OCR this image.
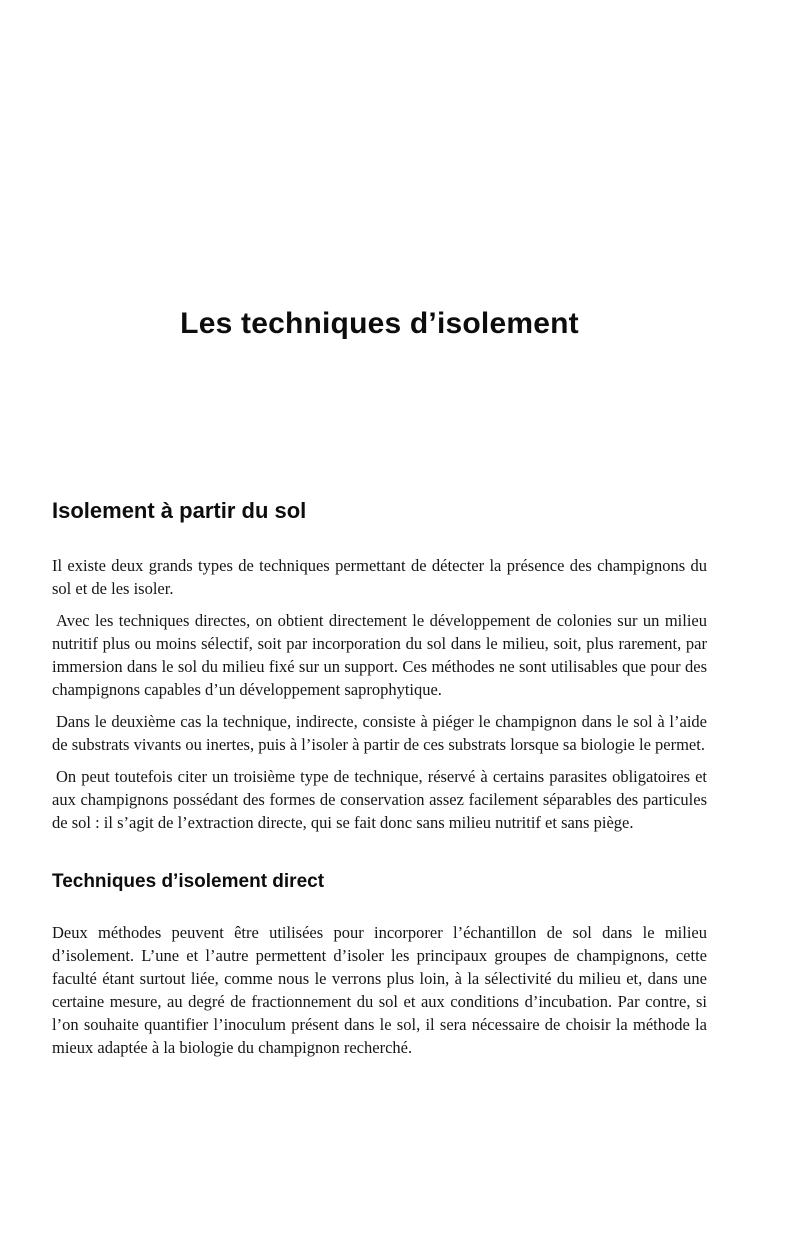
Les techniques d’isolement
Isolement à partir du sol

Il existe deux grands types de techniques permettant de détecter la présence des champignons du sol et de les isoler.

Avec les techniques directes, on obtient directement le développement de colonies sur un milieu nutritif plus ou moins sélectif, soit par incorporation du sol dans le milieu, soit, plus rarement, par immersion dans le sol du milieu fixé sur un support. Ces méthodes ne sont utilisables que pour des champignons capables d’un développement saprophytique.

Dans le deuxième cas la technique, indirecte, consiste à piéger le champignon dans le sol à l’aide de substrats vivants ou inertes, puis à l’isoler à partir de ces substrats lorsque sa biologie le permet.

On peut toutefois citer un troisième type de technique, réservé à certains parasites obligatoires et aux champignons possédant des formes de conservation assez facilement séparables des particules de sol : il s’agit de l’extraction directe, qui se fait donc sans milieu nutritif et sans piège.

Techniques d’isolement direct

Deux méthodes peuvent être utilisées pour incorporer l’échantillon de sol dans le milieu d’isolement. L’une et l’autre permettent d’isoler les principaux groupes de champignons, cette faculté étant surtout liée, comme nous le verrons plus loin, à la sélectivité du milieu et, dans une certaine mesure, au degré de fractionnement du sol et aux conditions d’incubation. Par contre, si l’on souhaite quantifier l’inoculum présent dans le sol, il sera nécessaire de choisir la méthode la mieux adaptée à la biologie du champignon recherché.
